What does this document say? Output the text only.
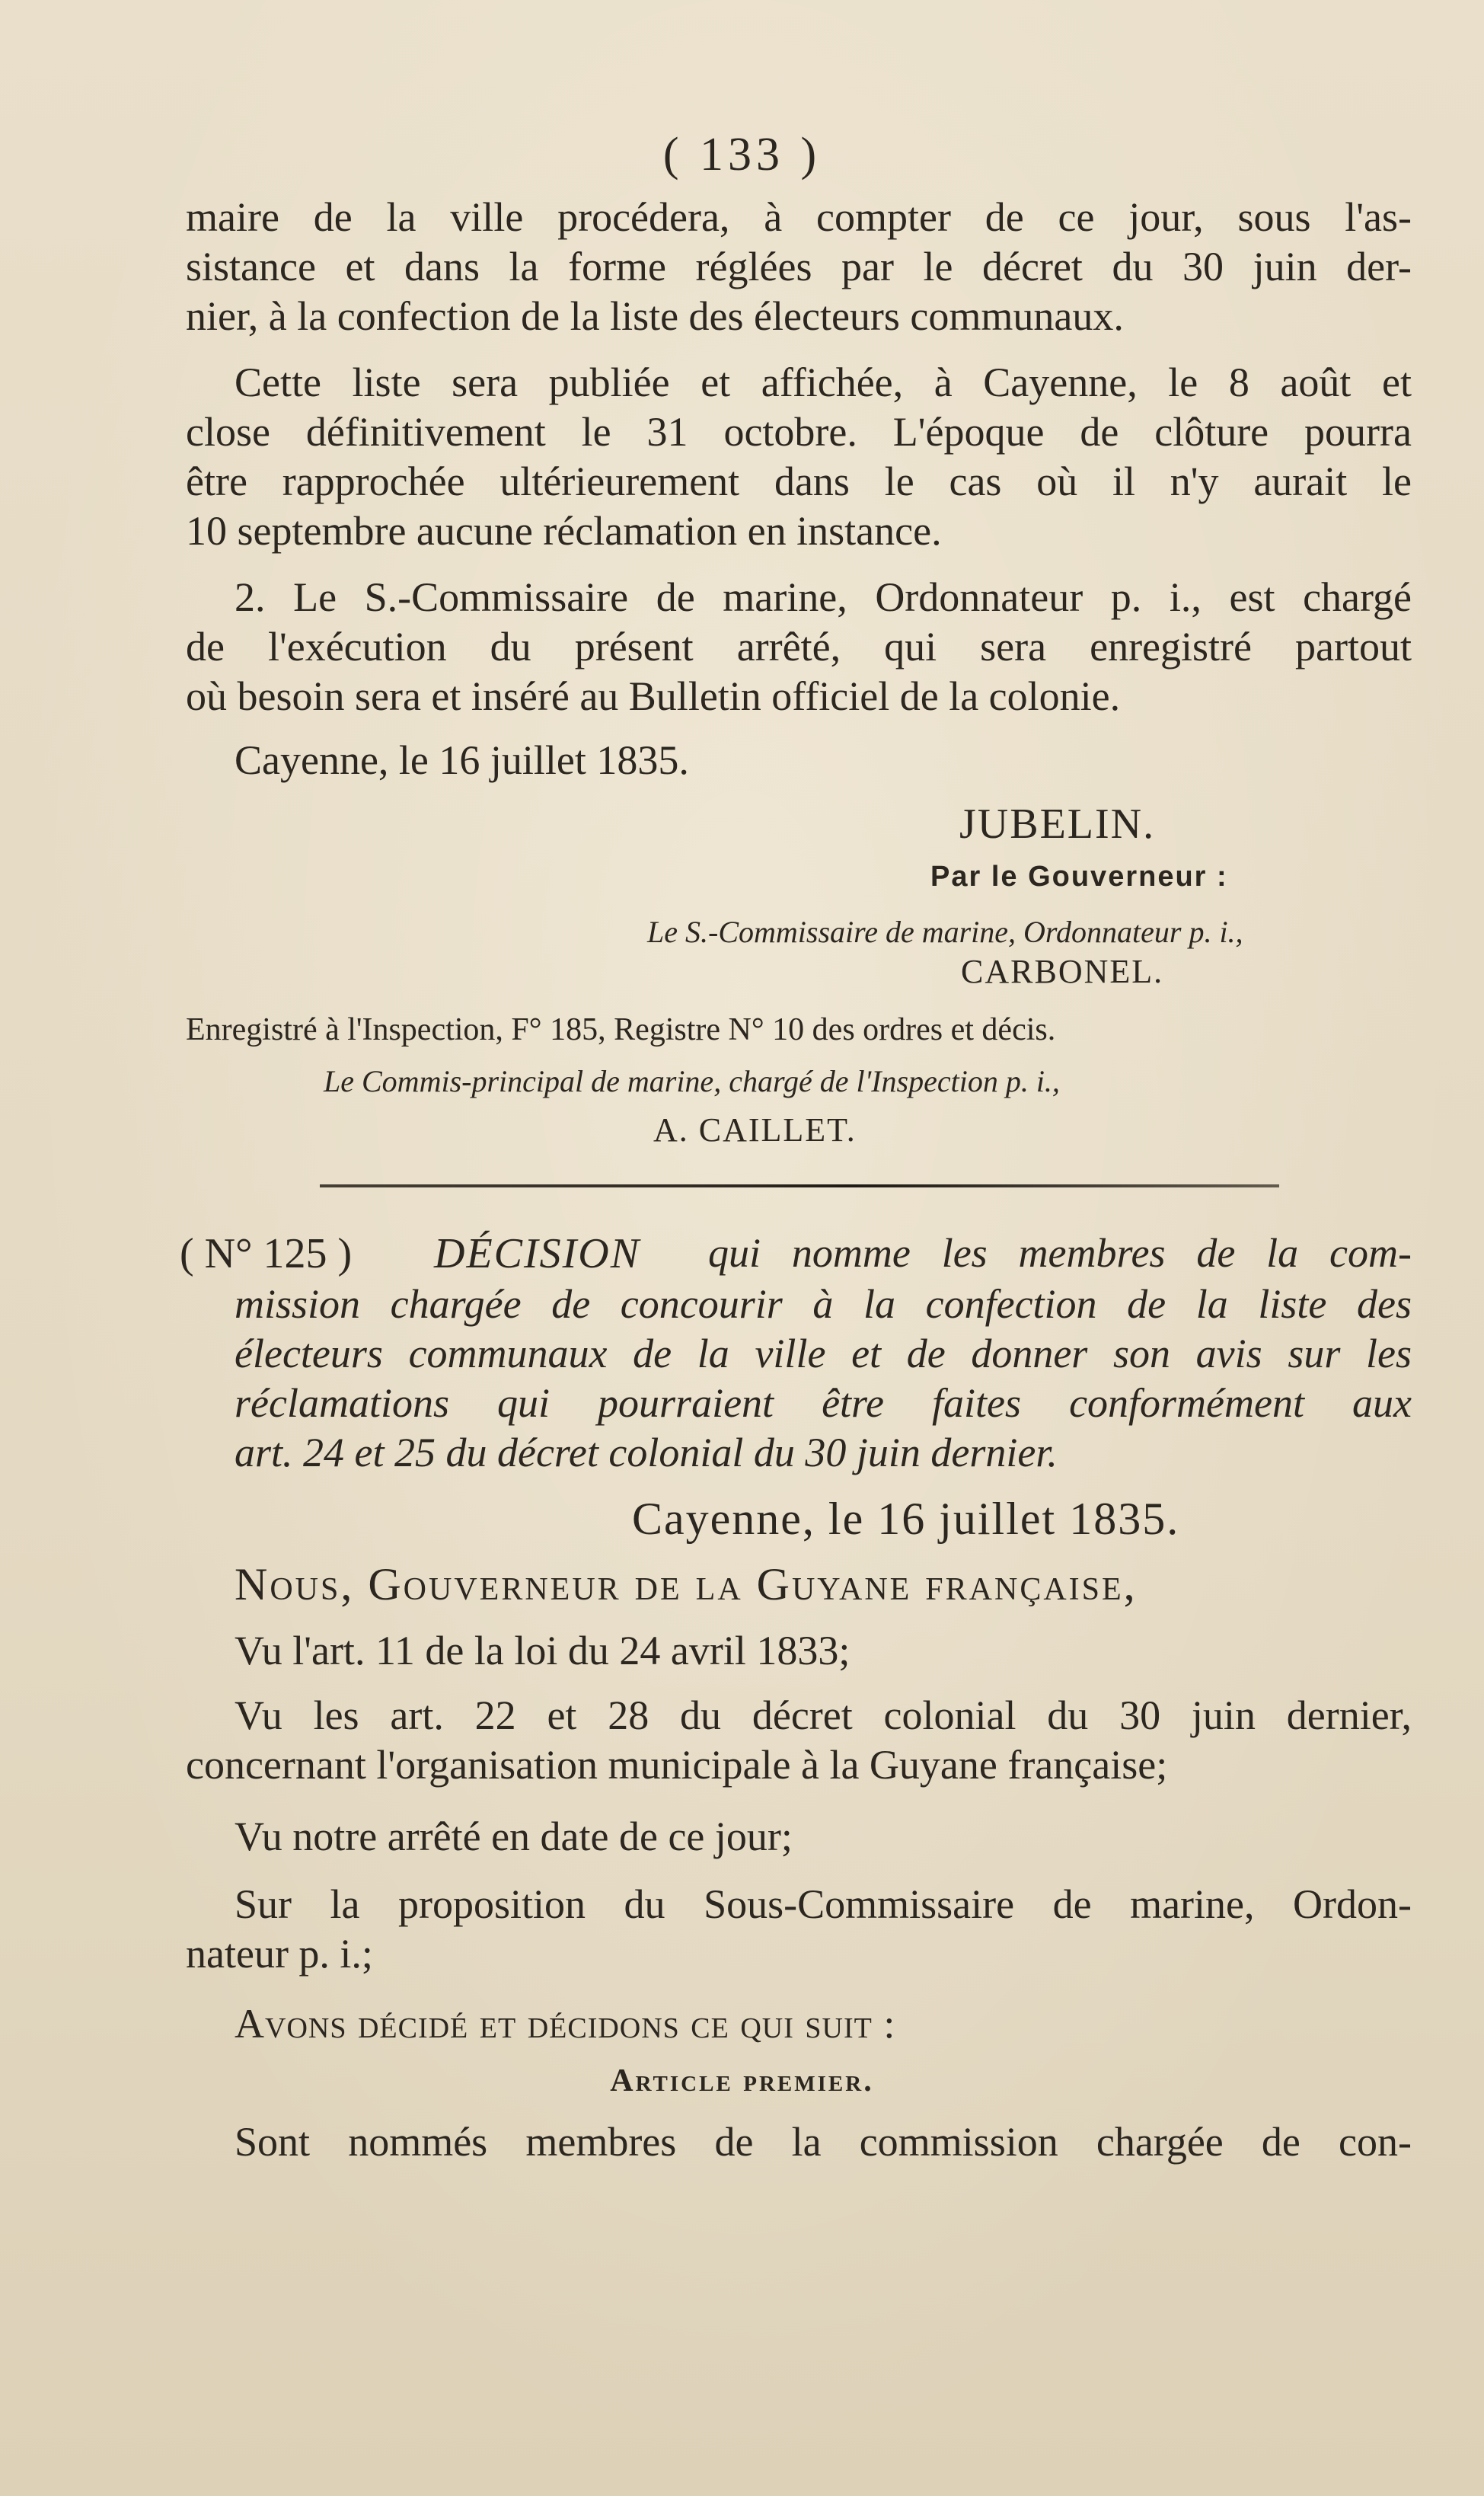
( 133 )
maire de la ville procédera, à compter de ce jour, sous l'as-
sistance et dans la forme réglées par le décret du 30 juin der-
nier, à la confection de la liste des électeurs communaux.
Cette liste sera publiée et affichée, à Cayenne, le 8 août et
close définitivement le 31 octobre. L'époque de clôture pourra
être rapprochée ultérieurement dans le cas où il n'y aurait le
10 septembre aucune réclamation en instance.
2. Le S.-Commissaire de marine, Ordonnateur p. i., est chargé
de l'exécution du présent arrêté, qui sera enregistré partout
où besoin sera et inséré au Bulletin officiel de la colonie.
Cayenne, le 16 juillet 1835.
JUBELIN.
Par le Gouverneur :
Le S.-Commissaire de marine, Ordonnateur p. i.,
CARBONEL.
Enregistré à l'Inspection, F° 185, Registre N° 10 des ordres et décis.
Le Commis-principal de marine, chargé de l'Inspection p. i.,
A. CAILLET.
( N° 125 ) DÉCISION qui nomme les membres de la com-
mission chargée de concourir à la confection de la liste des
électeurs communaux de la ville et de donner son avis sur les
réclamations qui pourraient être faites conformément aux
art. 24 et 25 du décret colonial du 30 juin dernier.
Cayenne, le 16 juillet 1835.
Nous, Gouverneur de la Guyane française,
Vu l'art. 11 de la loi du 24 avril 1833;
Vu les art. 22 et 28 du décret colonial du 30 juin dernier,
concernant l'organisation municipale à la Guyane française;
Vu notre arrêté en date de ce jour;
Sur la proposition du Sous-Commissaire de marine, Ordon-
nateur p. i.;
Avons décidé et décidons ce qui suit :
Article premier.
Sont nommés membres de la commission chargée de con-
